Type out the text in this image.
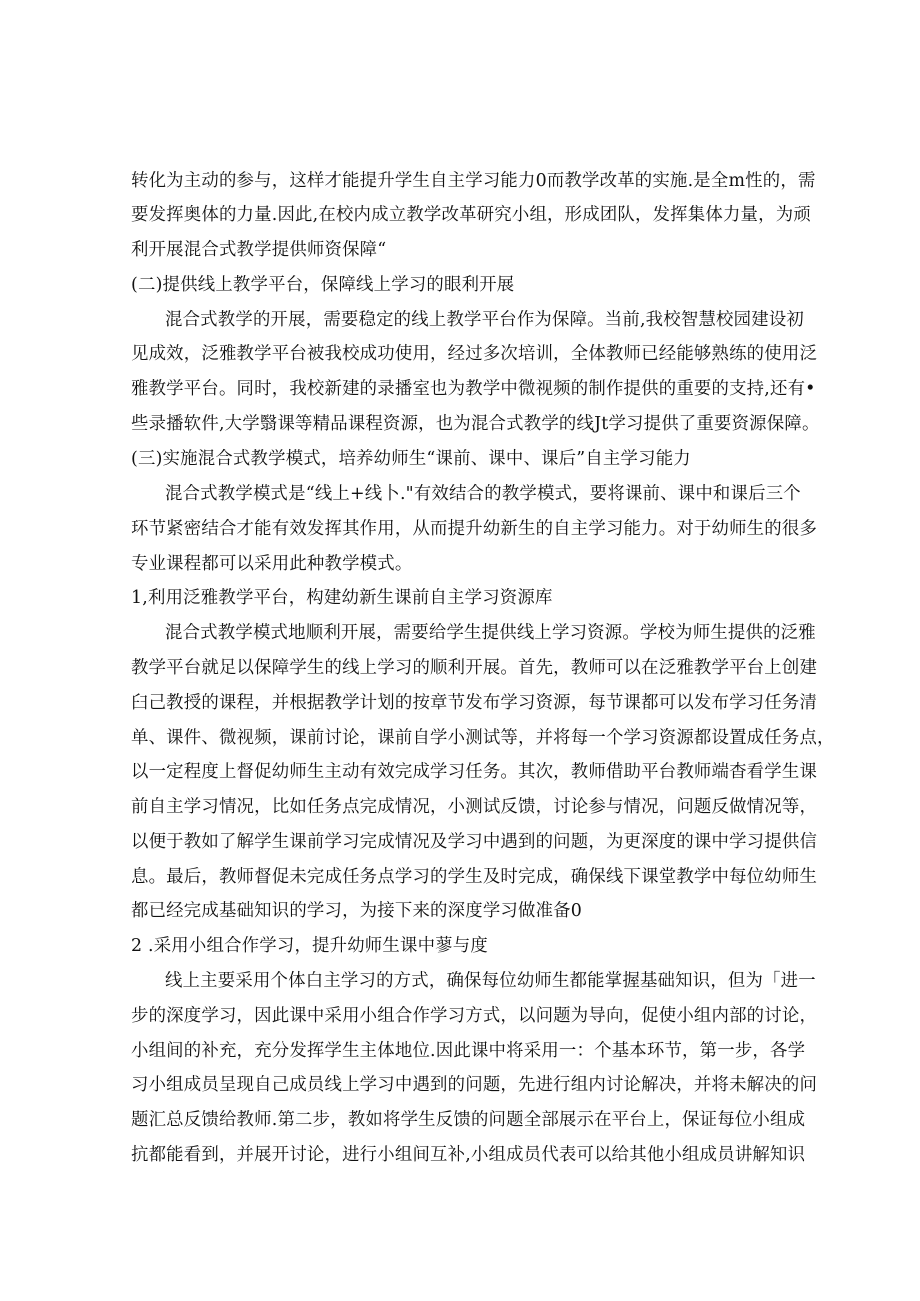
转化为主动的参与，这样才能提升学生自主学习能力0而教学改革的实施.是全m性的，需
要发挥奥体的力量.因此,在校内成立教学改革研究小组，形成团队，发挥集体力量，为顽
利开展混合式教学提供师资保障“
(二)提供线上教学平台，保障线上学习的眼利开展
混合式教学的开展，需要稳定的线上教学平台作为保障。当前,我校智慧校园建设初
见成效，泛雅教学平台被我校成功使用，经过多次培训，全体教师已经能够熟练的使用泛
雅教学平台。同时，我校新建的录播室也为教学中微视频的制作提供的重要的支持,还有•
些录播软件,大学翳课等精品课程资源，也为混合式教学的线Jt学习提供了重要资源保障。
(三)实施混合式教学模式，培养幼师生“课前、课中、课后”自主学习能力
混合式教学模式是“线上+线卜."有效结合的教学模式，要将课前、课中和课后三个
环节紧密结合才能有效发挥其作用，从而提升幼新生的自主学习能力。对于幼师生的很多
专业课程都可以采用此种教学模式。
1,利用泛雅教学平台，构建幼新生课前自主学习资源库
混合式教学模式地顺利开展，需要给学生提供线上学习资源。学校为师生提供的泛雅
教学平台就足以保障学生的线上学习的顺利开展。首先，教师可以在泛雅教学平台上创建
臼己教授的课程，并根据教学计划的按章节发布学习资源，每节课都可以发布学习任务清
单、课件、微视频，课前讨论，课前自学小测试等，并将每一个学习资源都设置成任务点，
以一定程度上督促幼师生主动有效完成学习任务。其次，教师借助平台教师端杳看学生课
前自主学习情况，比如任务点完成情况，小测试反馈，讨论参与情况，问题反做情况等，
以便于教如了解学生课前学习完成情况及学习中遇到的问题，为更深度的课中学习提供信
息。最后，教师督促未完成任务点学习的学生及时完成，确保线下课堂教学中每位幼师生
都已经完成基础知识的学习，为接下来的深度学习做准备0
2 .采用小组合作学习，提升幼师生课中蓼与度
线上主要采用个体白主学习的方式，确保每位幼师生都能掌握基础知识，但为「进一
步的深度学习，因此课中采用小组合作学习方式，以问题为导向，促使小组内部的讨论，
小组间的补充，充分发挥学生主体地位.因此课中将采用一：个基本环节，第一步，各学
习小组成员呈现自己成员线上学习中遇到的问题，先进行组内讨论解决，并将未解决的问
题汇总反馈给教师.第二步，教如将学生反馈的问题全部展示在平台上，保证每位小组成
抗都能看到，并展开讨论，进行小组间互补,小组成员代表可以给其他小组成员讲解知识
